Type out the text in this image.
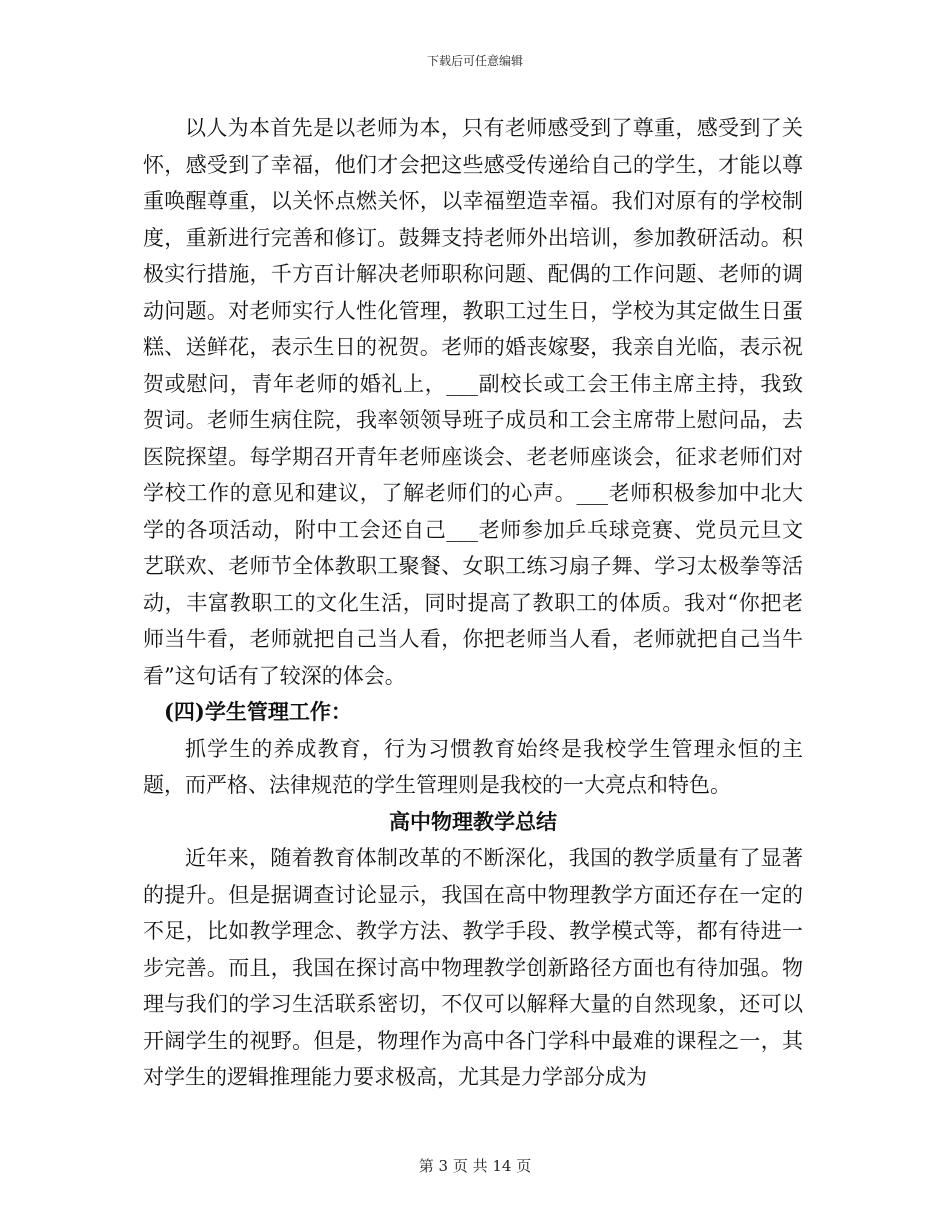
下载后可任意编辑

以人为本首先是以老师为本，只有老师感受到了尊重，感受到了关怀，感受到了幸福，他们才会把这些感受传递给自己的学生，才能以尊重唤醒尊重，以关怀点燃关怀，以幸福塑造幸福。我们对原有的学校制度，重新进行完善和修订。鼓舞支持老师外出培训，参加教研活动。积极实行措施，千方百计解决老师职称问题、配偶的工作问题、老师的调动问题。对老师实行人性化管理，教职工过生日，学校为其定做生日蛋糕、送鲜花，表示生日的祝贺。老师的婚丧嫁娶，我亲自光临，表示祝贺或慰问，青年老师的婚礼上，___副校长或工会王伟主席主持，我致贺词。老师生病住院，我率领领导班子成员和工会主席带上慰问品，去医院探望。每学期召开青年老师座谈会、老老师座谈会，征求老师们对学校工作的意见和建议，了解老师们的心声。___老师积极参加中北大学的各项活动，附中工会还自己___老师参加乒乓球竞赛、党员元旦文艺联欢、老师节全体教职工聚餐、女职工练习扇子舞、学习太极拳等活动，丰富教职工的文化生活，同时提高了教职工的体质。我对“你把老师当牛看，老师就把自己当人看，你把老师当人看，老师就把自己当牛看”这句话有了较深的体会。

(四)学生管理工作：

抓学生的养成教育，行为习惯教育始终是我校学生管理永恒的主题，而严格、法律规范的学生管理则是我校的一大亮点和特色。

高中物理教学总结

近年来，随着教育体制改革的不断深化，我国的教学质量有了显著的提升。但是据调查讨论显示，我国在高中物理教学方面还存在一定的不足，比如教学理念、教学方法、教学手段、教学模式等，都有待进一步完善。而且，我国在探讨高中物理教学创新路径方面也有待加强。物理与我们的学习生活联系密切，不仅可以解释大量的自然现象，还可以开阔学生的视野。但是，物理作为高中各门学科中最难的课程之一，其对学生的逻辑推理能力要求极高，尤其是力学部分成为

第 3 页 共 14 页
